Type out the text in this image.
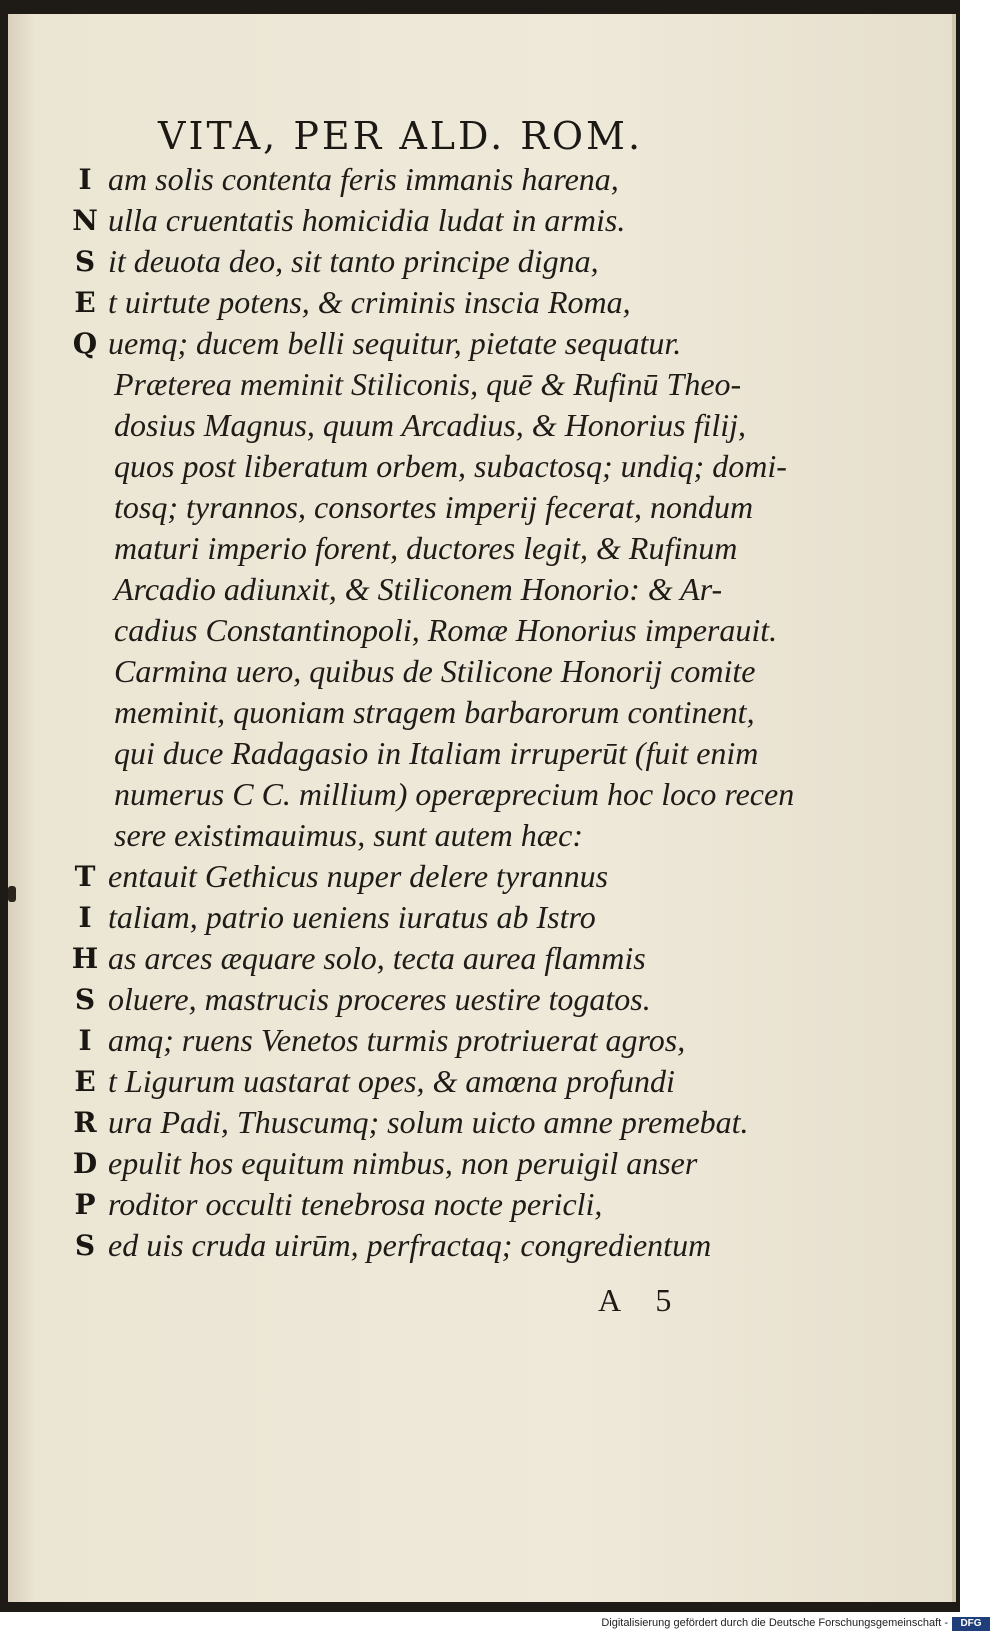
VITA, PER ALD. ROM.
I am solis contenta feris immanis harena,
N ulla cruentatis homicidia ludat in armis.
S it deuota deo, sit tanto principe digna,
E t uirtute potens, & criminis inscia Roma,
Q uemq; ducem belli sequitur, pietate sequatur.
Præterea meminit Stiliconis, quē & Rufinū Theo-
dosius Magnus, quum Arcadius, & Honorius filij,
quos post liberatum orbem, subactosq; undiq; domi-
tosq; tyrannos, consortes imperij fecerat, nondum
maturi imperio forent, ductores legit, & Rufinum
Arcadio adiunxit, & Stiliconem Honorio: & Ar-
cadius Constantinopoli, Romæ Honorius imperauit.
Carmina uero, quibus de Stilicone Honorij comite
meminit, quoniam stragem barbarorum continent,
qui duce Radagasio in Italiam irruperūt (fuit enim
numerus C C. millium) operæprecium hoc loco recen
sere existimauimus, sunt autem hæc:
T entauit Gethicus nuper delere tyrannus
I taliam, patrio ueniens iuratus ab Istro
H as arces æquare solo, tecta aurea flammis
S oluere, mastrucis proceres uestire togatos.
I amq; ruens Venetos turmis protriuerat agros,
E t Ligurum uastarat opes, & amœna profundi
R ura Padi, Thuscumq; solum uicto amne premebat.
D epulit hos equitum nimbus, non peruigil anser
P roditor occulti tenebrosa nocte pericli,
S ed uis cruda uirūm, perfractaq; congredientum
A 5
Digitalisierung gefördert durch die Deutsche Forschungsgemeinschaft -	DFG
